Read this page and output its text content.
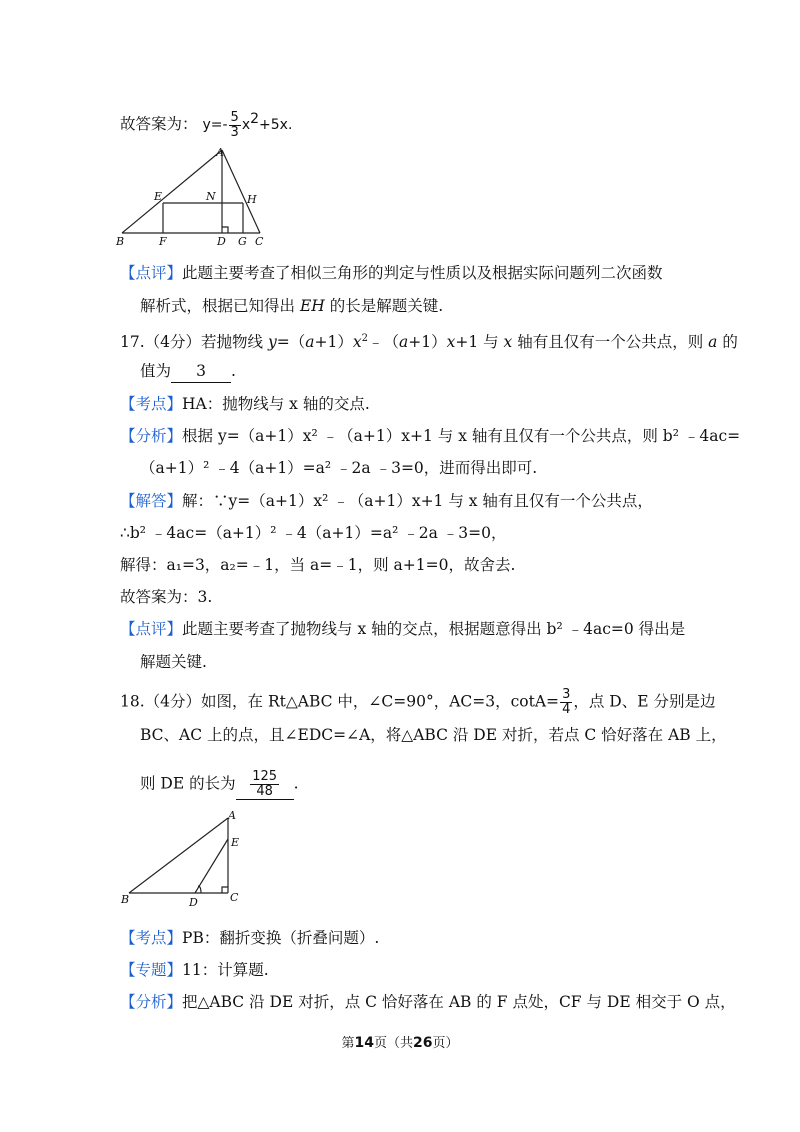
故答案为： $y=- \frac{5}{3} x^2+5x$.
A
E	N	H
B	F	D G C
【点评】此题主要考查了相似三角形的判定与性质以及根据实际问题列二次函数
解析式，根据已知得出 EH 的长是解题关键.
17.（4分）若抛物线 $y=(a+1)x^2﹣(a+1)x+1$ 与 x 轴有且仅有一个公共点，则 a 的
值为 3 .
【考点】HA：抛物线与 x 轴的交点.
【分析】根据 y=（a+1）x² ﹣（a+1）x+1 与 x 轴有且仅有一个公共点，则 b² ﹣4ac=
（a+1）² ﹣4（a+1）=a² ﹣2a ﹣3=0，进而得出即可.
【解答】解：∵y=（a+1）x² ﹣（a+1）x+1 与 x 轴有且仅有一个公共点，
∴b² ﹣4ac=（a+1）² ﹣4（a+1）=a² ﹣2a ﹣3=0，
解得：a₁=3，a₂=﹣1，当 a=﹣1，则 a+1=0，故舍去.
故答案为：3.
【点评】此题主要考查了抛物线与 x 轴的交点，根据题意得出 b² ﹣4ac=0 得出是
解题关键.
18.（4分）如图，在 Rt△ABC 中，∠C=90°，AC=3，$\cot A= \frac{3}{4}$ ，点 D、E 分别是边
BC、AC 上的点，且∠EDC=∠A，将△ABC 沿 DE 对折，若点 C 恰好落在 AB 上，
则 DE 的长为 $\frac{125}{48}$ .
A
E
B	D	C
【考点】PB：翻折变换（折叠问题）.
【专题】11：计算题.
【分析】把△ABC 沿 DE 对折，点 C 恰好落在 AB 的 F 点处，CF 与 DE 相交于 O 点，
第14页（共26页）
